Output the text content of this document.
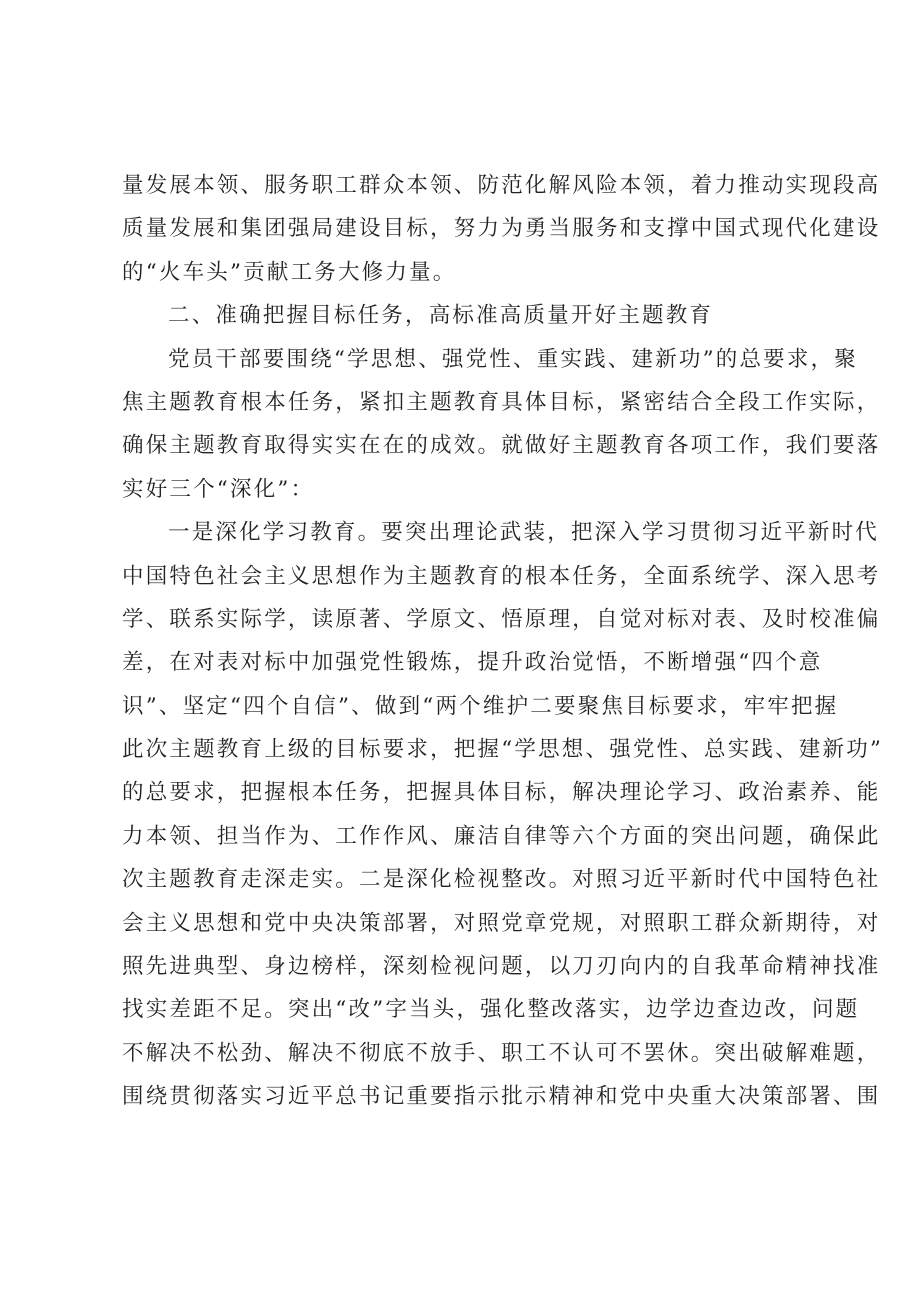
量发展本领、服务职工群众本领、防范化解风险本领，着力推动实现段高
质量发展和集团强局建设目标，努力为勇当服务和支撑中国式现代化建设
的“火车头”贡献工务大修力量。
二、准确把握目标任务，高标准高质量开好主题教育
党员干部要围绕“学思想、强党性、重实践、建新功”的总要求，聚
焦主题教育根本任务，紧扣主题教育具体目标，紧密结合全段工作实际，
确保主题教育取得实实在在的成效。就做好主题教育各项工作，我们要落
实好三个“深化”：
一是深化学习教育。要突出理论武装，把深入学习贯彻习近平新时代
中国特色社会主义思想作为主题教育的根本任务，全面系统学、深入思考
学、联系实际学，读原著、学原文、悟原理，自觉对标对表、及时校准偏
差，在对表对标中加强党性锻炼，提升政治觉悟，不断增强“四个意
识”、坚定“四个自信”、做到“两个维护二要聚焦目标要求，牢牢把握
此次主题教育上级的目标要求，把握“学思想、强党性、总实践、建新功”
的总要求，把握根本任务，把握具体目标，解决理论学习、政治素养、能
力本领、担当作为、工作作风、廉洁自律等六个方面的突出问题，确保此
次主题教育走深走实。二是深化检视整改。对照习近平新时代中国特色社
会主义思想和党中央决策部署，对照党章党规，对照职工群众新期待，对
照先进典型、身边榜样，深刻检视问题，以刀刃向内的自我革命精神找准
找实差距不足。突出“改”字当头，强化整改落实，边学边查边改，问题
不解决不松劲、解决不彻底不放手、职工不认可不罢休。突出破解难题，
围绕贯彻落实习近平总书记重要指示批示精神和党中央重大决策部署、围
